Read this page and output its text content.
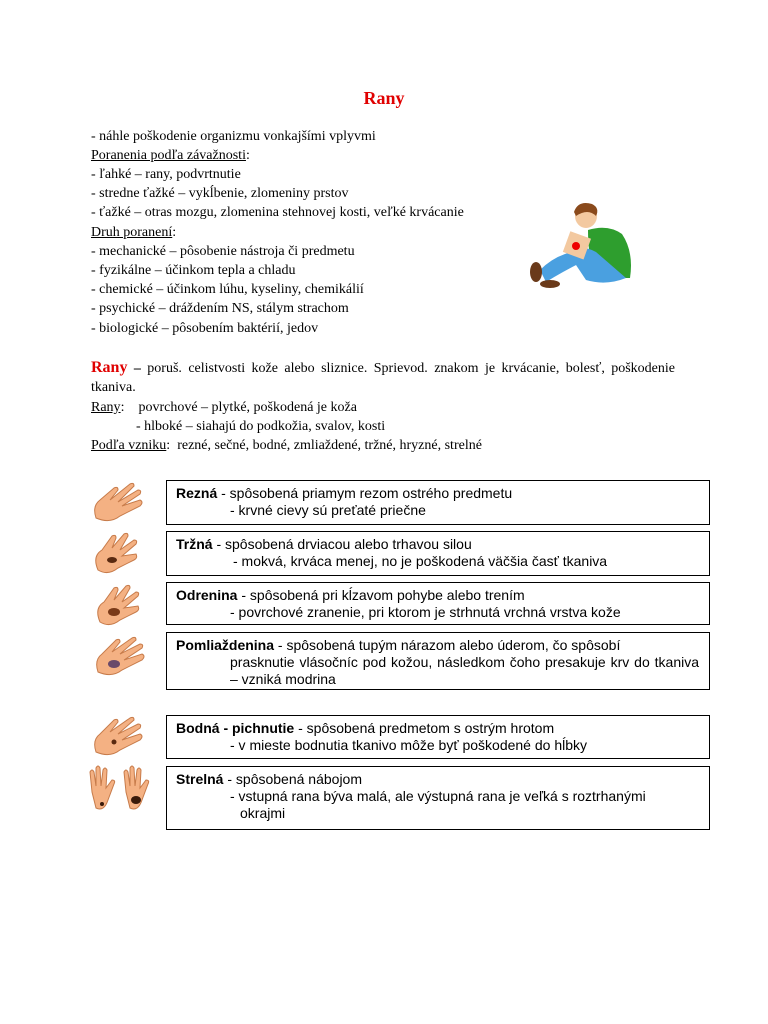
Rany
- náhle poškodenie organizmu vonkajšími vplyvmi
Poranenia podľa závažnosti:
- ľahké – rany, podvrtnutie
- stredne ťažké – vykĺbenie, zlomeniny prstov
- ťažké – otras mozgu, zlomenina stehnovej kosti, veľké krvácanie
Druh poranení:
- mechanické – pôsobenie nástroja či predmetu
- fyzikálne – účinkom tepla a chladu
- chemické – účinkom lúhu, kyseliny, chemikálií
- psychické – dráždením NS, stálym strachom
- biologické – pôsobením baktérií, jedov
Rany – poruš. celistvosti kože alebo sliznice. Sprievod. znakom je krvácanie, bolesť, poškodenie tkaniva.
Rany:    povrchové – plytké, poškodená je koža
- hlboké – siahajú do podkožia, svalov, kosti
Podľa vzniku:  rezné, sečné, bodné, zmliaždené, tržné, hryzné, strelné
Rezná - spôsobená priamym rezom ostrého predmetu
- krvné cievy sú preťaté priečne
Tržná - spôsobená drviacou alebo trhavou silou
- mokvá, krváca menej, no je poškodená väčšia časť tkaniva
Odrenina - spôsobená pri kĺzavom pohybe alebo trením
- povrchové zranenie, pri ktorom je strhnutá vrchná vrstva kože
Pomliaždenina - spôsobená tupým nárazom alebo úderom, čo spôsobí
prasknutie vlásočníc pod kožou, následkom čoho presakuje krv do tkaniva – vzniká modrina
Bodná - pichnutie - spôsobená predmetom s ostrým hrotom
- v mieste bodnutia tkanivo môže byť poškodené do hĺbky
Strelná - spôsobená nábojom
- vstupná rana býva malá, ale výstupná rana je veľká s roztrhanými
okrajmi
